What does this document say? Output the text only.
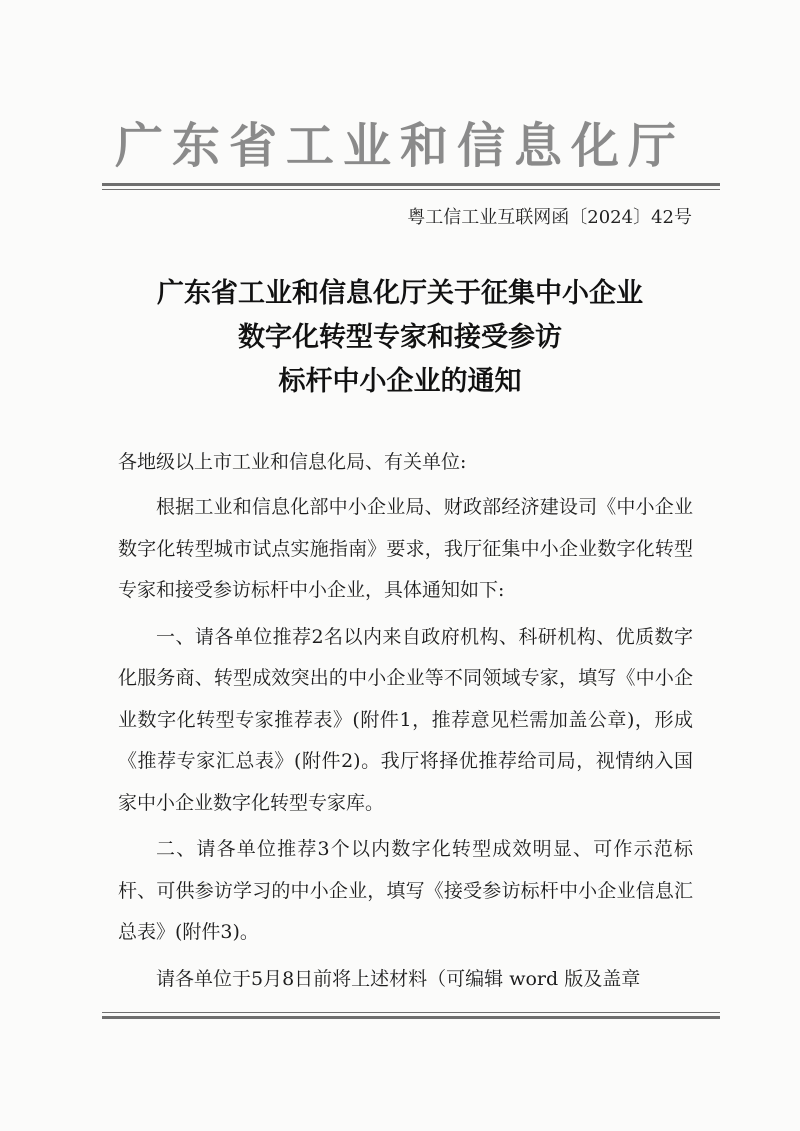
广东省工业和信息化厅
粤工信工业互联网函〔2024〕42号
广东省工业和信息化厅关于征集中小企业
数字化转型专家和接受参访
标杆中小企业的通知
各地级以上市工业和信息化局、有关单位:

根据工业和信息化部中小企业局、财政部经济建设司《中小企业数字化转型城市试点实施指南》要求，我厅征集中小企业数字化转型专家和接受参访标杆中小企业，具体通知如下:

一、请各单位推荐2名以内来自政府机构、科研机构、优质数字化服务商、转型成效突出的中小企业等不同领域专家，填写《中小企业数字化转型专家推荐表》(附件1，推荐意见栏需加盖公章)，形成《推荐专家汇总表》(附件2)。我厅将择优推荐给司局，视情纳入国家中小企业数字化转型专家库。

二、请各单位推荐3个以内数字化转型成效明显、可作示范标杆、可供参访学习的中小企业，填写《接受参访标杆中小企业信息汇总表》(附件3)。

请各单位于5月8日前将上述材料（可编辑 word 版及盖章
